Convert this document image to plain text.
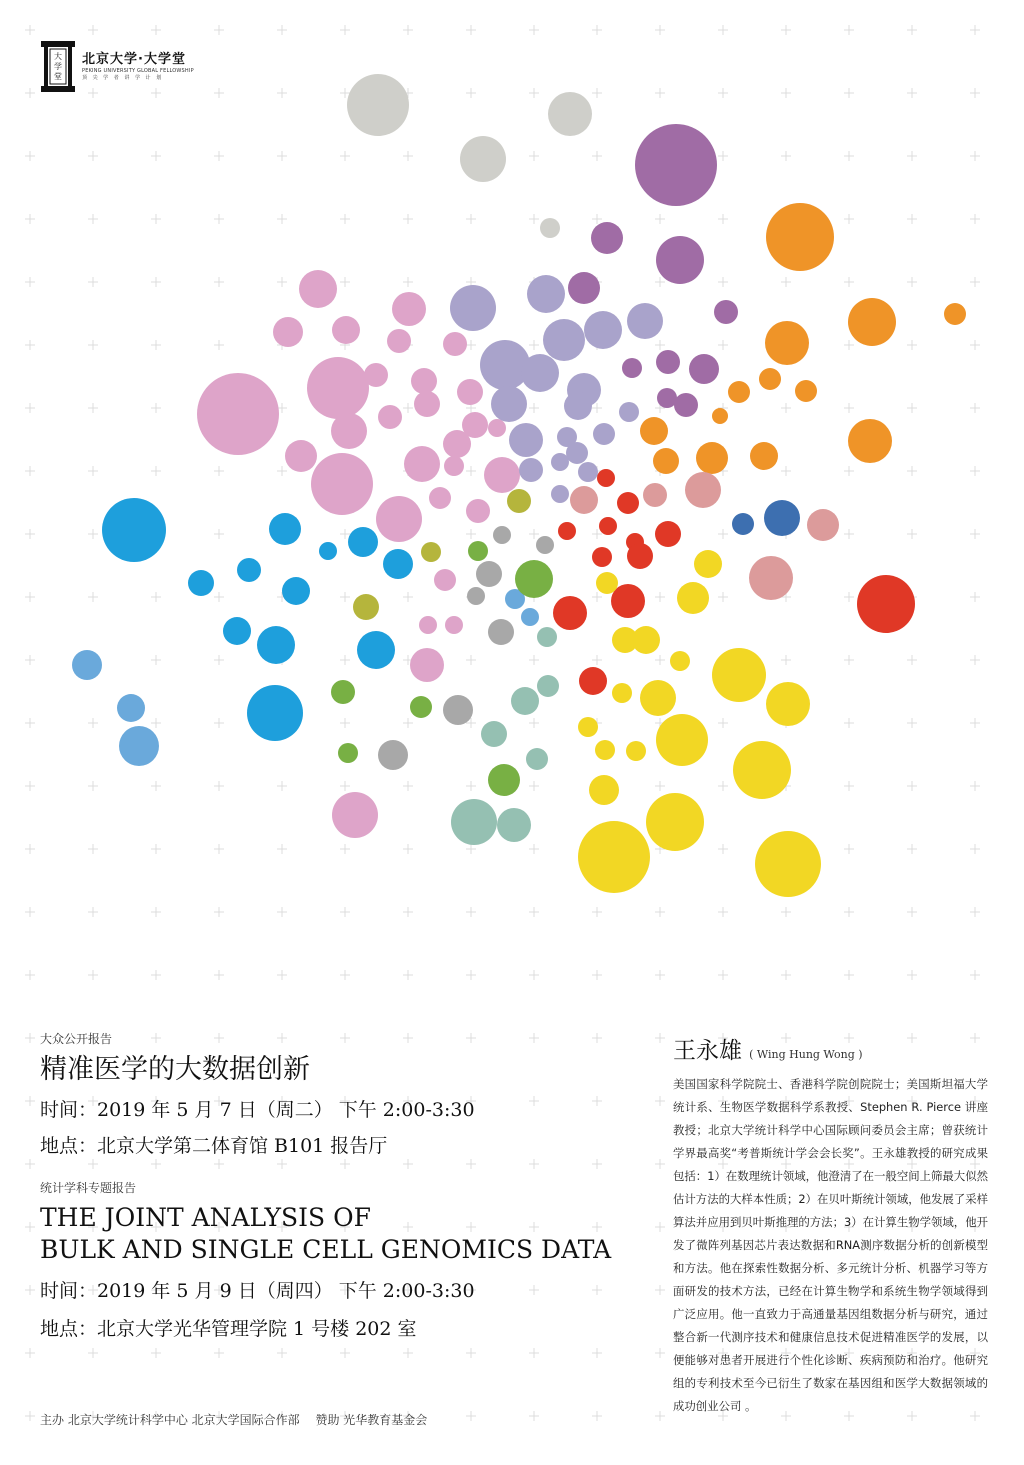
大
学
堂
北京大学·大学堂
PEKING UNIVERSITY GLOBAL FELLOWSHIP
顶 尖 学 者 讲 学 计 划
大众公开报告
精准医学的大数据创新
时间：2019 年 5 月 7 日（周二） 下午 2:00-3:30
地点：北京大学第二体育馆 B101 报告厅
统计学科专题报告
THE JOINT ANALYSIS OF
BULK AND SINGLE CELL GENOMICS DATA
时间：2019 年 5 月 9 日（周四） 下午 2:00-3:30
地点：北京大学光华管理学院 1 号楼 202 室
主办 北京大学统计科学中心 北京大学国际合作部　 赞助 光华教育基金会
王永雄 ( Wing Hung Wong )
美国国家科学院院士、香港科学院创院院士；美国斯坦福大学统计系、生物医学数据科学系教授、Stephen R. Pierce 讲座教授；北京大学统计科学中心国际顾问委员会主席；曾获统计学界最高奖“考普斯统计学会会长奖”。王永雄教授的研究成果包括：1）在数理统计领域，他澄清了在一般空间上筛最大似然估计方法的大样本性质；2）在贝叶斯统计领域，他发展了采样算法并应用到贝叶斯推理的方法；3）在计算生物学领域，他开发了微阵列基因芯片表达数据和RNA测序数据分析的创新模型和方法。他在探索性数据分析、多元统计分析、机器学习等方面研发的技术方法，已经在计算生物学和系统生物学领域得到广泛应用。他一直致力于高通量基因组数据分析与研究，通过整合新一代测序技术和健康信息技术促进精准医学的发展，以便能够对患者开展进行个性化诊断、疾病预防和治疗。他研究组的专利技术至今已衍生了数家在基因组和医学大数据领域的成功创业公司 。
